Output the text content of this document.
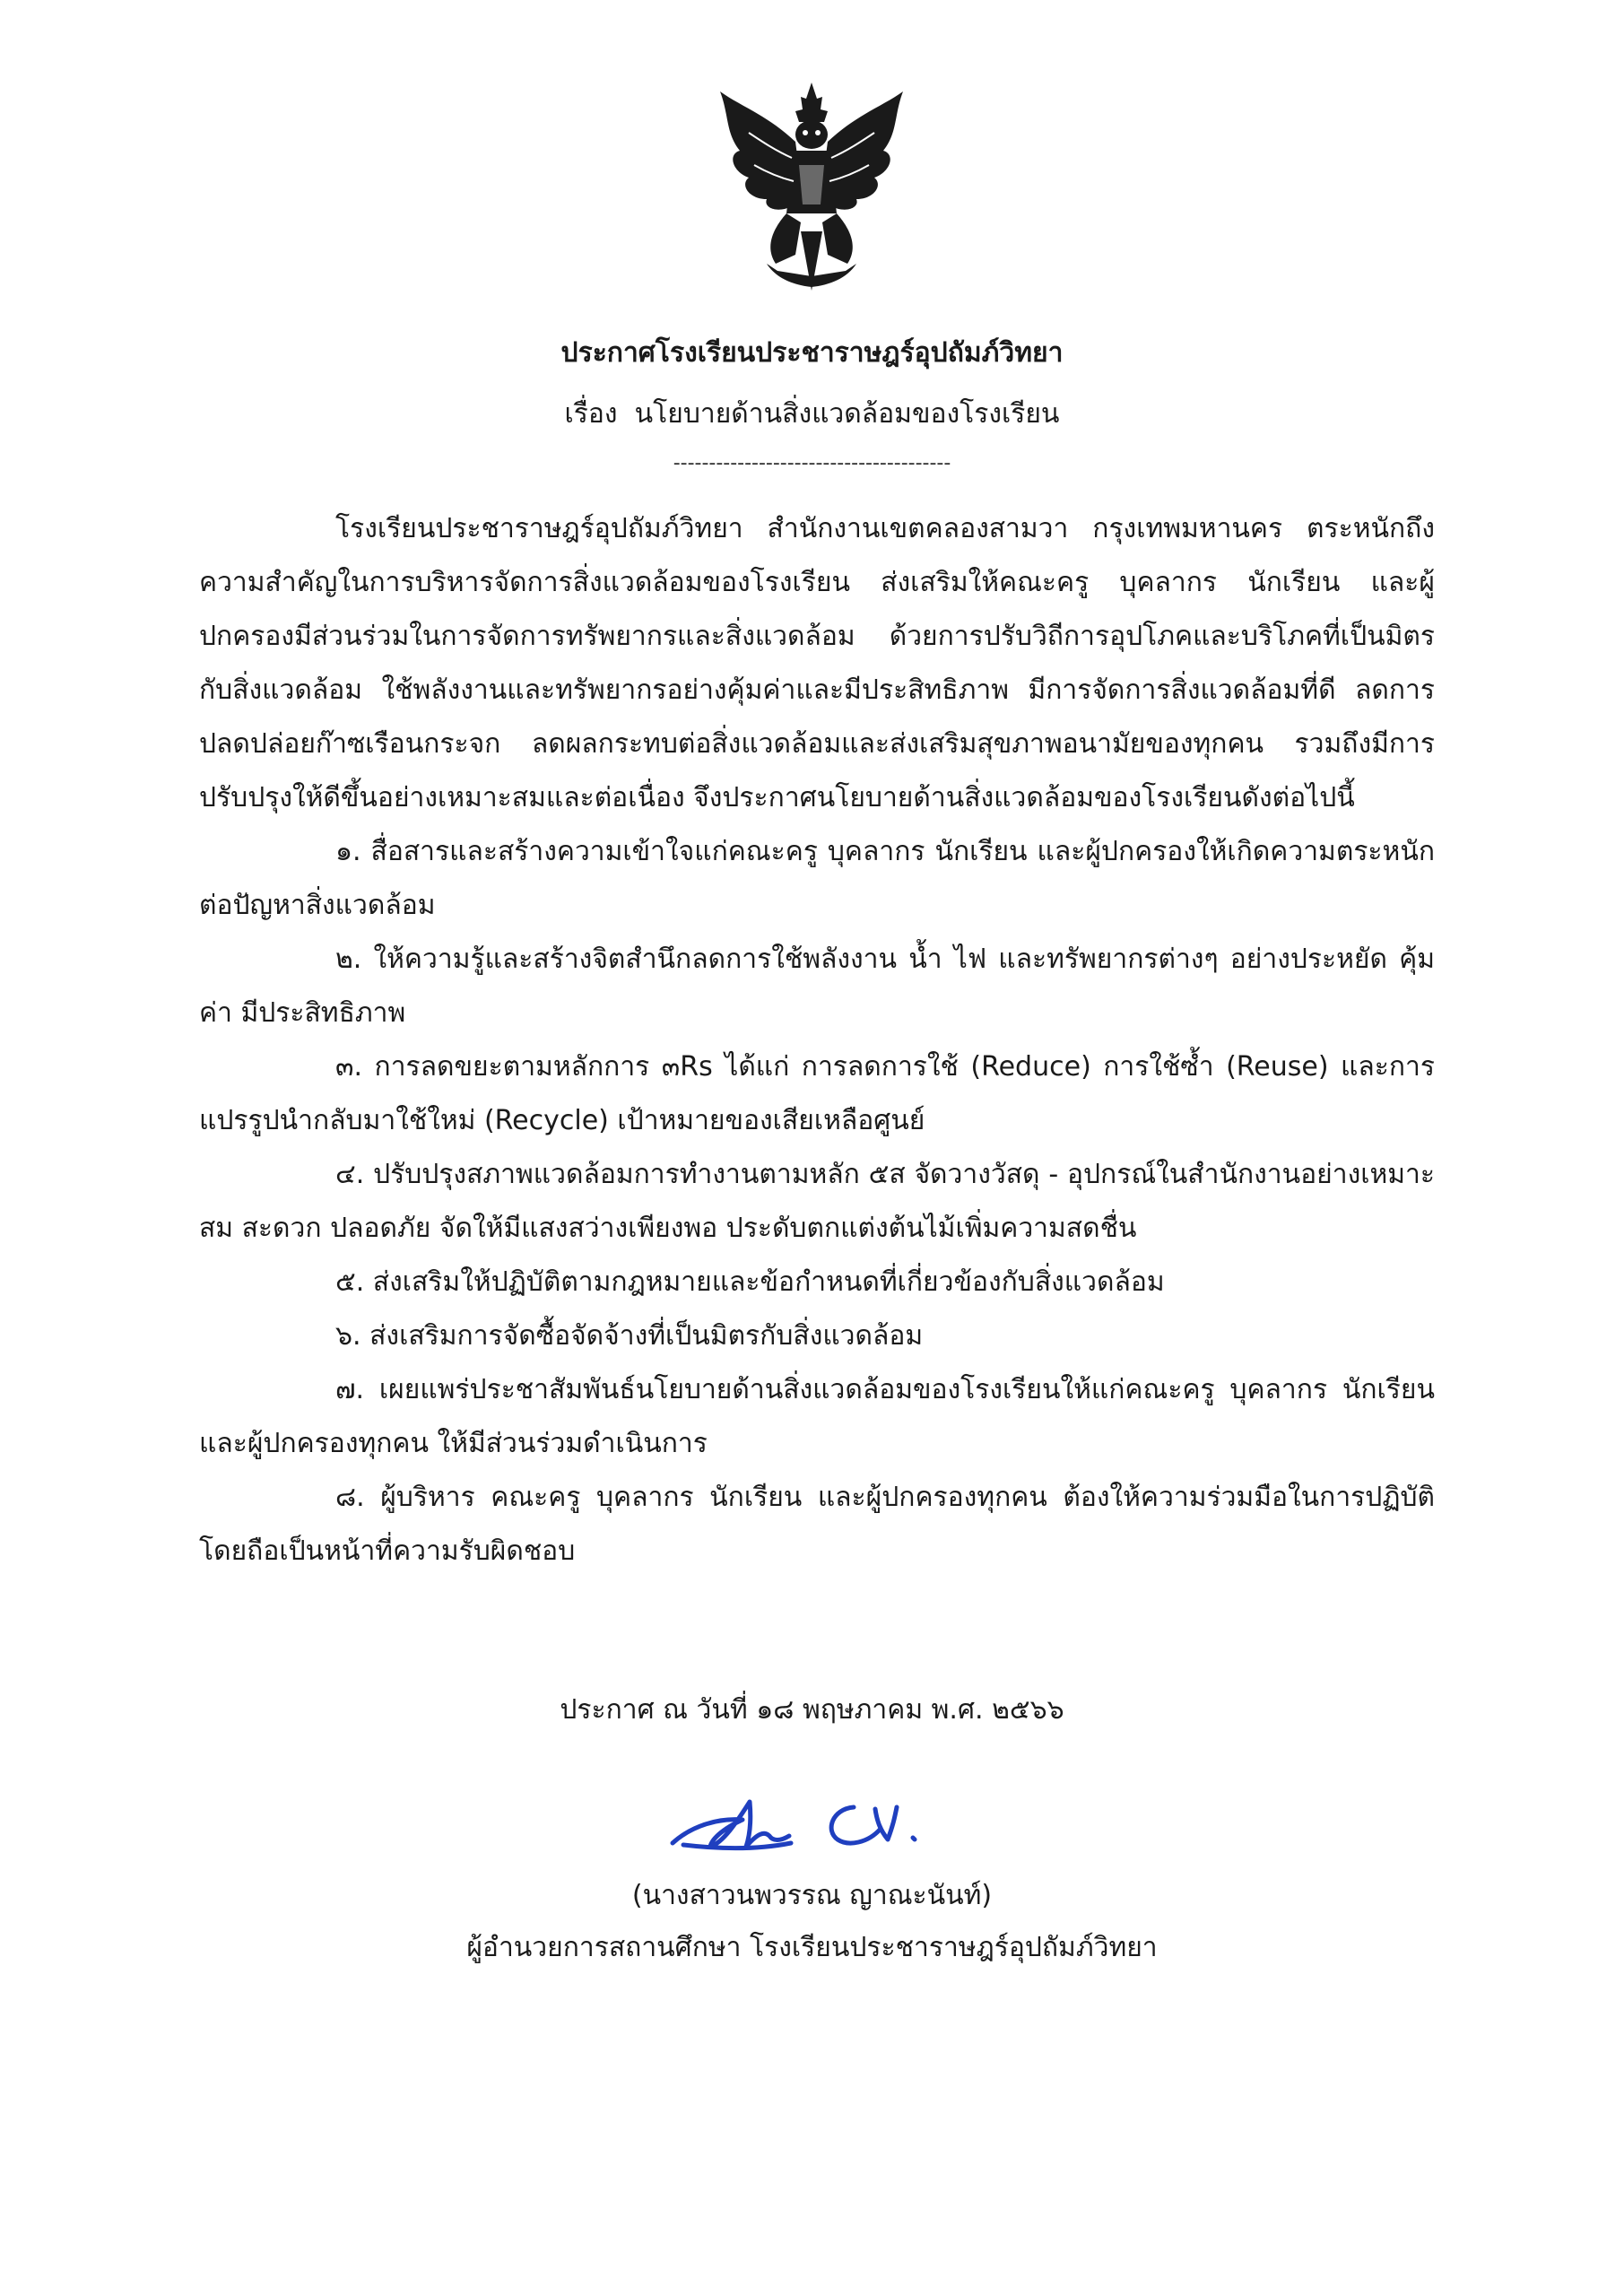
ประกาศโรงเรียนประชาราษฎร์อุปถัมภ์วิทยา
เรื่อง  นโยบายด้านสิ่งแวดล้อมของโรงเรียน
---------------------------------------

โรงเรียนประชาราษฎร์อุปถัมภ์วิทยา สำนักงานเขตคลองสามวา กรุงเทพมหานคร ตระหนักถึงความสำคัญในการบริหารจัดการสิ่งแวดล้อมของโรงเรียน ส่งเสริมให้คณะครู บุคลากร นักเรียน และผู้ปกครองมีส่วนร่วมในการจัดการทรัพยากรและสิ่งแวดล้อม ด้วยการปรับวิถีการอุปโภคและบริโภคที่เป็นมิตรกับสิ่งแวดล้อม ใช้พลังงานและทรัพยากรอย่างคุ้มค่าและมีประสิทธิภาพ มีการจัดการสิ่งแวดล้อมที่ดี ลดการปลดปล่อยก๊าซเรือนกระจก ลดผลกระทบต่อสิ่งแวดล้อมและส่งเสริมสุขภาพอนามัยของทุกคน รวมถึงมีการปรับปรุงให้ดีขึ้นอย่างเหมาะสมและต่อเนื่อง จึงประกาศนโยบายด้านสิ่งแวดล้อมของโรงเรียนดังต่อไปนี้

๑. สื่อสารและสร้างความเข้าใจแก่คณะครู บุคลากร นักเรียน และผู้ปกครองให้เกิดความตระหนักต่อปัญหาสิ่งแวดล้อม

๒. ให้ความรู้และสร้างจิตสำนึกลดการใช้พลังงาน น้ำ ไฟ และทรัพยากรต่างๆ อย่างประหยัด คุ้มค่า มีประสิทธิภาพ

๓. การลดขยะตามหลักการ ๓Rs ได้แก่ การลดการใช้ (Reduce) การใช้ซ้ำ (Reuse) และการแปรรูปนำกลับมาใช้ใหม่ (Recycle) เป้าหมายของเสียเหลือศูนย์

๔. ปรับปรุงสภาพแวดล้อมการทำงานตามหลัก ๕ส จัดวางวัสดุ - อุปกรณ์ในสำนักงานอย่างเหมาะสม สะดวก ปลอดภัย จัดให้มีแสงสว่างเพียงพอ ประดับตกแต่งต้นไม้เพิ่มความสดชื่น

๕. ส่งเสริมให้ปฏิบัติตามกฎหมายและข้อกำหนดที่เกี่ยวข้องกับสิ่งแวดล้อม

๖. ส่งเสริมการจัดซื้อจัดจ้างที่เป็นมิตรกับสิ่งแวดล้อม

๗. เผยแพร่ประชาสัมพันธ์นโยบายด้านสิ่งแวดล้อมของโรงเรียนให้แก่คณะครู บุคลากร นักเรียนและผู้ปกครองทุกคน ให้มีส่วนร่วมดำเนินการ

๘. ผู้บริหาร คณะครู บุคลากร นักเรียน และผู้ปกครองทุกคน ต้องให้ความร่วมมือในการปฏิบัติโดยถือเป็นหน้าที่ความรับผิดชอบ

ประกาศ ณ วันที่ ๑๘ พฤษภาคม พ.ศ. ๒๕๖๖
(นางสาวนพวรรณ ญาณะนันท์)
ผู้อำนวยการสถานศึกษา โรงเรียนประชาราษฎร์อุปถัมภ์วิทยา
